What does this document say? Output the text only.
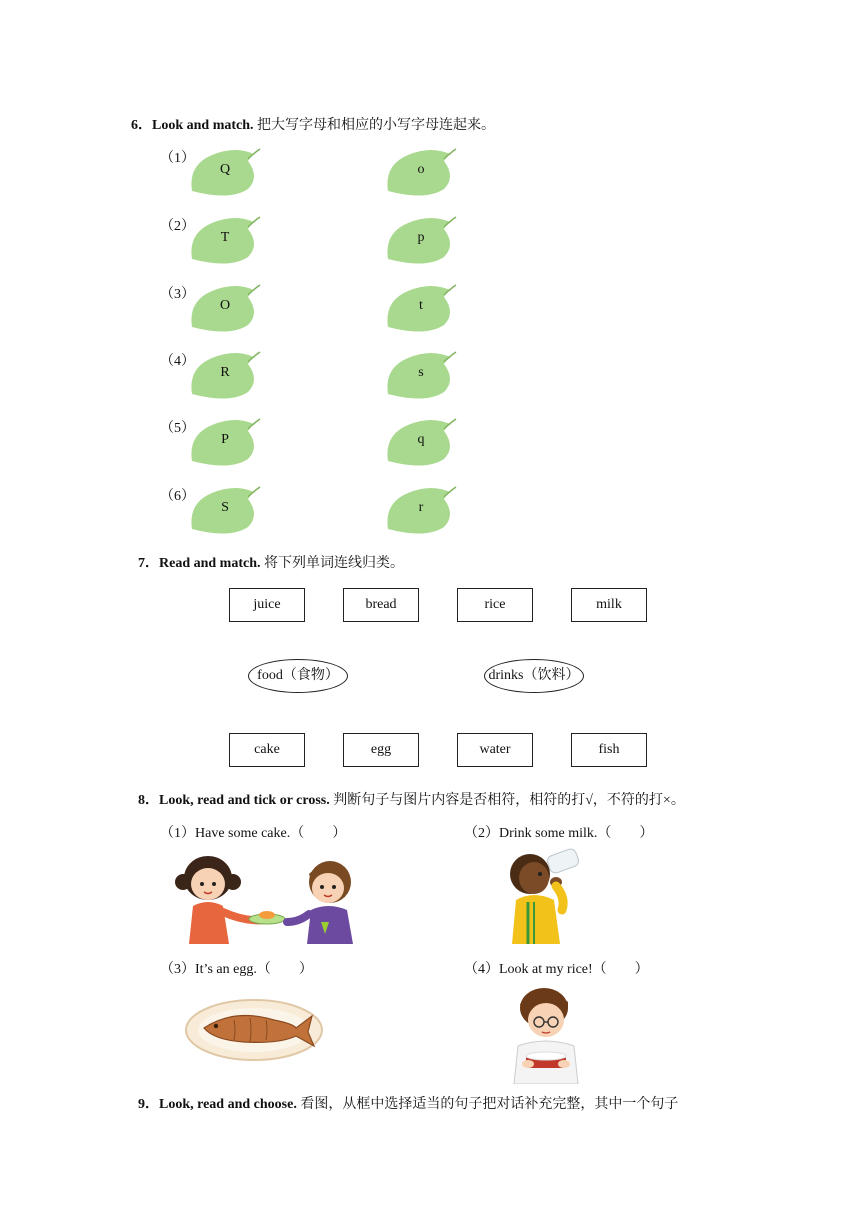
6．Look and match. 把大写字母和相应的小写字母连起来。
（1）
Q	o
（2）
T	p
（3）
O	t
（4）
R	s
（5）
P	q
（6）
S	r
7．Read and match. 将下列单词连线归类。
juice	bread	rice	milk
food（食物）	drinks（饮料）
cake	egg	water	fish
8．Look, read and tick or cross. 判断句子与图片内容是否相符，相符的打√，不符的打×。
（1）Have some cake.（　　）	（2）Drink some milk.（　　）
（3）It’s an egg.（　　）	（4）Look at my rice!（　　）
9．Look, read and choose. 看图，从框中选择适当的句子把对话补充完整，其中一个句子
